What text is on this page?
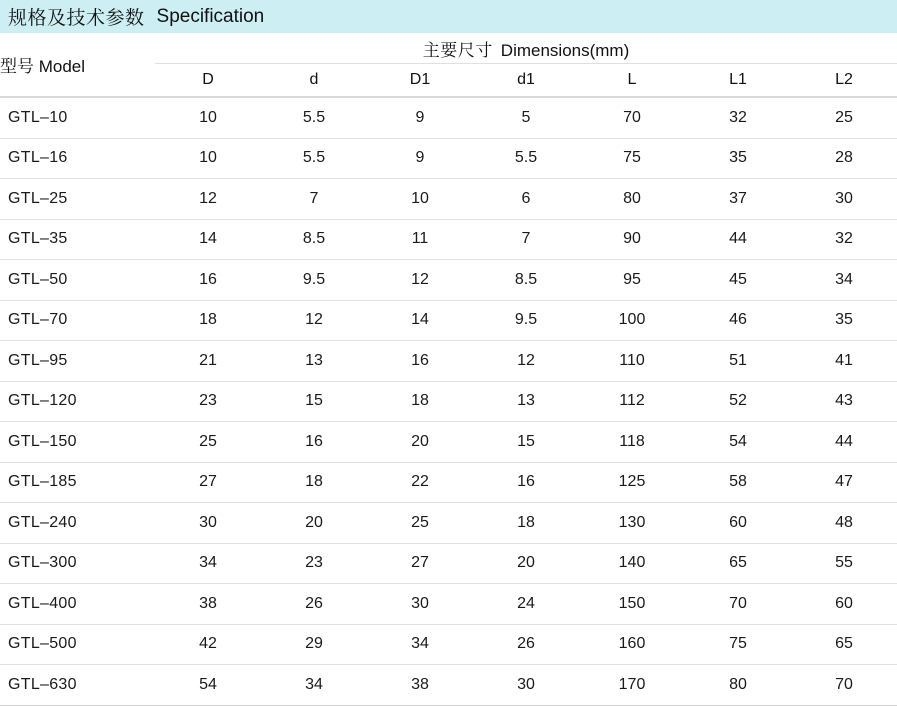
规格及技术参数 Specification
型号 Model	主要尺寸 Dimensions(mm)						
	D	d	D1	d1	L	L1	L2
GTL–10	10	5.5	9	5	70	32	25
GTL–16	10	5.5	9	5.5	75	35	28
GTL–25	12	7	10	6	80	37	30
GTL–35	14	8.5	11	7	90	44	32
GTL–50	16	9.5	12	8.5	95	45	34
GTL–70	18	12	14	9.5	100	46	35
GTL–95	21	13	16	12	110	51	41
GTL–120	23	15	18	13	112	52	43
GTL–150	25	16	20	15	118	54	44
GTL–185	27	18	22	16	125	58	47
GTL–240	30	20	25	18	130	60	48
GTL–300	34	23	27	20	140	65	55
GTL–400	38	26	30	24	150	70	60
GTL–500	42	29	34	26	160	75	65
GTL–630	54	34	38	30	170	80	70
